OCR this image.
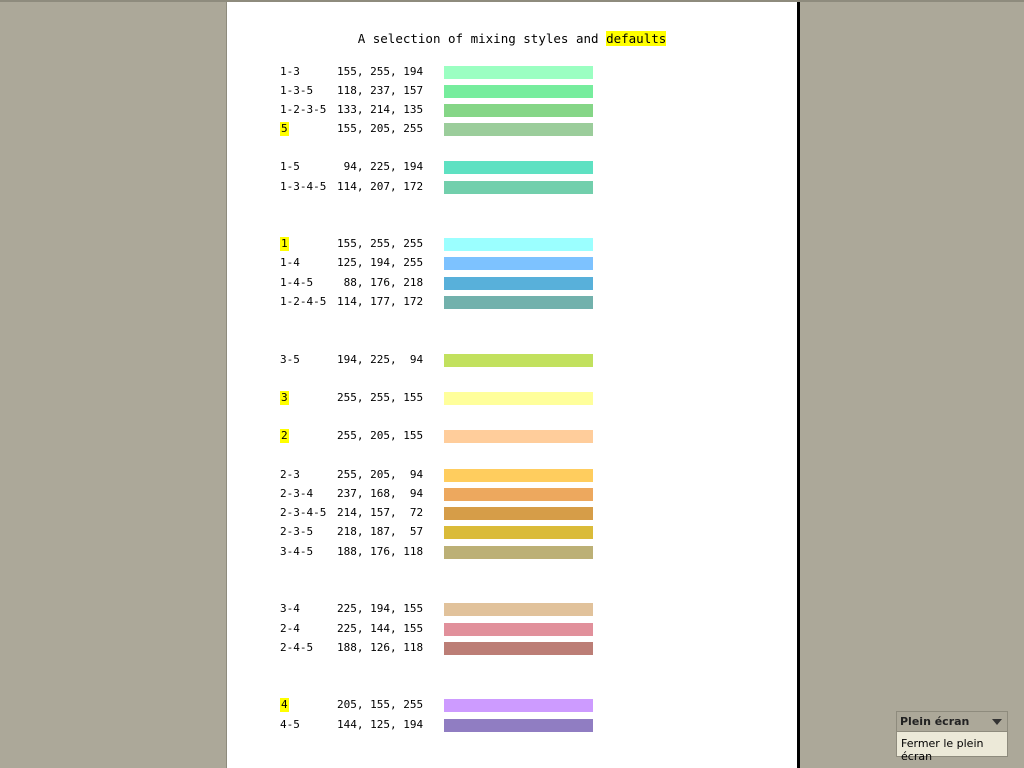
A selection of mixing styles and defaults
1-3	155, 255, 194
1-3-5 118, 237, 157
1-2-3-5 133, 214, 135
5	155, 205, 255
1-5	94, 225, 194
1-3-4-5 114, 207, 172
1	155, 255, 255
1-4	125, 194, 255
1-4-5 88, 176, 218
1-2-4-5 114, 177, 172
3-5	194, 225,  94
3	255, 255, 155
2	255, 205, 155
2-3	255, 205,  94
2-3-4 237, 168,  94
2-3-4-5 214, 157,  72
2-3-5 218, 187,  57
3-4-5 188, 176, 118
3-4	225, 194, 155
2-4	225, 144, 155
2-4-5 188, 126, 118
4	205, 155, 255
4-5	144, 125, 194	Plein écran
Fermer le plein écran
